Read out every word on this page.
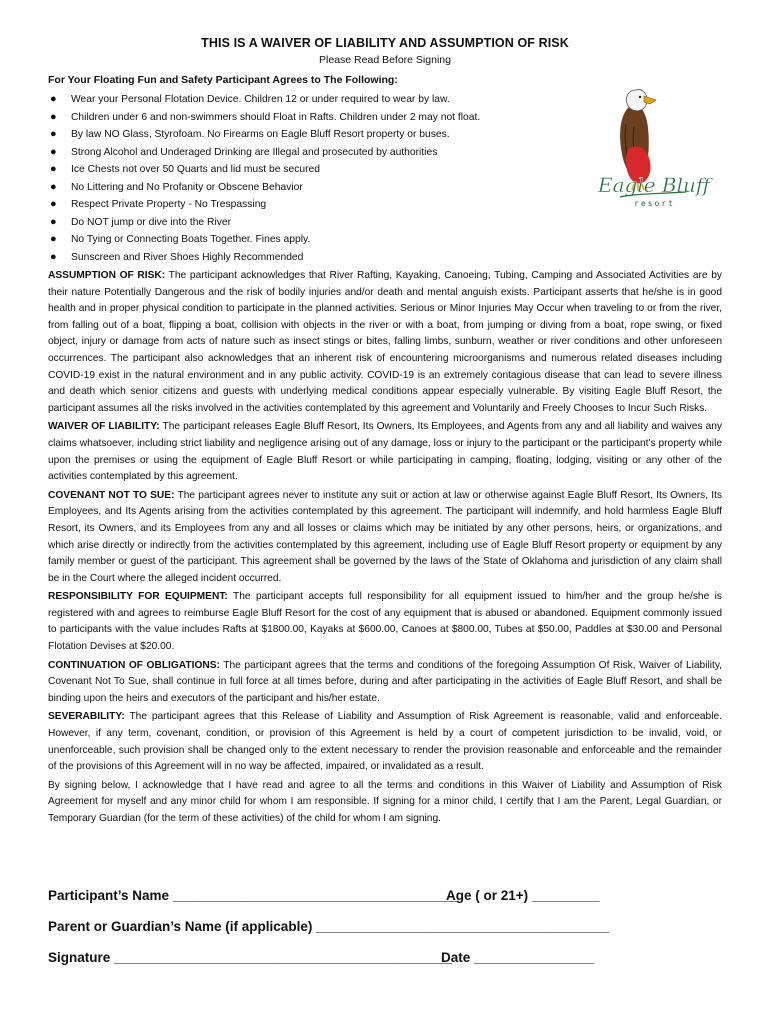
THIS IS A WAIVER OF LIABILITY AND ASSUMPTION OF RISK
Please Read Before Signing
For Your Floating Fun and Safety Participant Agrees to The Following:
● Wear your Personal Flotation Device. Children 12 or under required to wear by law.
● Children under 6 and non-swimmers should Float in Rafts. Children under 2 may not float.
● By law NO Glass, Styrofoam. No Firearms on Eagle Bluff Resort property or buses.
● Strong Alcohol and Underaged Drinking are Illegal and prosecuted by authorities
● Ice Chests not over 50 Quarts and lid must be secured
● No Littering and No Profanity or Obscene Behavior
● Respect Private Property - No Trespassing
● Do NOT jump or dive into the River
● No Tying or Connecting Boats Together. Fines apply.
● Sunscreen and River Shoes Highly Recommended
Eagle Bluff
resort

ASSUMPTION OF RISK: The participant acknowledges that River Rafting, Kayaking, Canoeing, Tubing, Camping and Associated Activities are by their nature Potentially Dangerous and the risk of bodily injuries and/or death and mental anguish exists. Participant asserts that he/she is in good health and in proper physical condition to participate in the planned activities. Serious or Minor Injuries May Occur when traveling to or from the river, from falling out of a boat, flipping a boat, collision with objects in the river or with a boat, from jumping or diving from a boat, rope swing, or fixed object, injury or damage from acts of nature such as insect stings or bites, falling limbs, sunburn, weather or river conditions and other unforeseen occurrences. The participant also acknowledges that an inherent risk of encountering microorganisms and numerous related diseases including COVID-19 exist in the natural environment and in any public activity. COVID-19 is an extremely contagious disease that can lead to severe illness and death which senior citizens and guests with underlying medical conditions appear especially vulnerable. By visiting Eagle Bluff Resort, the participant assumes all the risks involved in the activities contemplated by this agreement and Voluntarily and Freely Chooses to Incur Such Risks.

WAIVER OF LIABILITY: The participant releases Eagle Bluff Resort, Its Owners, Its Employees, and Agents from any and all liability and waives any claims whatsoever, including strict liability and negligence arising out of any damage, loss or injury to the participant or the participant's property while upon the premises or using the equipment of Eagle Bluff Resort or while participating in camping, floating, lodging, visiting or any other of the activities contemplated by this agreement.

COVENANT NOT TO SUE: The participant agrees never to institute any suit or action at law or otherwise against Eagle Bluff Resort, Its Owners, Its Employees, and Its Agents arising from the activities contemplated by this agreement. The participant will indemnify, and hold harmless Eagle Bluff Resort, its Owners, and its Employees from any and all losses or claims which may be initiated by any other persons, heirs, or organizations, and which arise directly or indirectly from the activities contemplated by this agreement, including use of Eagle Bluff Resort property or equipment by any family member or guest of the participant. This agreement shall be governed by the laws of the State of Oklahoma and jurisdiction of any claim shall be in the Court where the alleged incident occurred.

RESPONSIBILITY FOR EQUIPMENT: The participant accepts full responsibility for all equipment issued to him/her and the group he/she is registered with and agrees to reimburse Eagle Bluff Resort for the cost of any equipment that is abused or abandoned. Equipment commonly issued to participants with the value includes Rafts at $1800.00, Kayaks at $600.00, Canoes at $800.00, Tubes at $50.00, Paddles at $30.00 and Personal Flotation Devises at $20.00.

CONTINUATION OF OBLIGATIONS: The participant agrees that the terms and conditions of the foregoing Assumption Of Risk, Waiver of Liability, Covenant Not To Sue, shall continue in full force at all times before, during and after participating in the activities of Eagle Bluff Resort, and shall be binding upon the heirs and executors of the participant and his/her estate.

SEVERABILITY: The participant agrees that this Release of Liability and Assumption of Risk Agreement is reasonable, valid and enforceable. However, if any term, covenant, condition, or provision of this Agreement is held by a court of competent jurisdiction to be invalid, void, or unenforceable, such provision shall be changed only to the extent necessary to render the provision reasonable and enforceable and the remainder of the provisions of this Agreement will in no way be affected, impaired, or invalidated as a result.

By signing below, I acknowledge that I have read and agree to all the terms and conditions in this Waiver of Liability and Assumption of Risk Agreement for myself and any minor child for whom I am responsible. If signing for a minor child, I certify that I am the Parent, Legal Guardian, or Temporary Guardian (for the term of these activities) of the child for whom I am signing.

Participant’s Name ______________________________________
Age ( or 21+) _________
Parent or Guardian’s Name (if applicable) _______________________________________
Signature _____________________________________________
Date ________________
